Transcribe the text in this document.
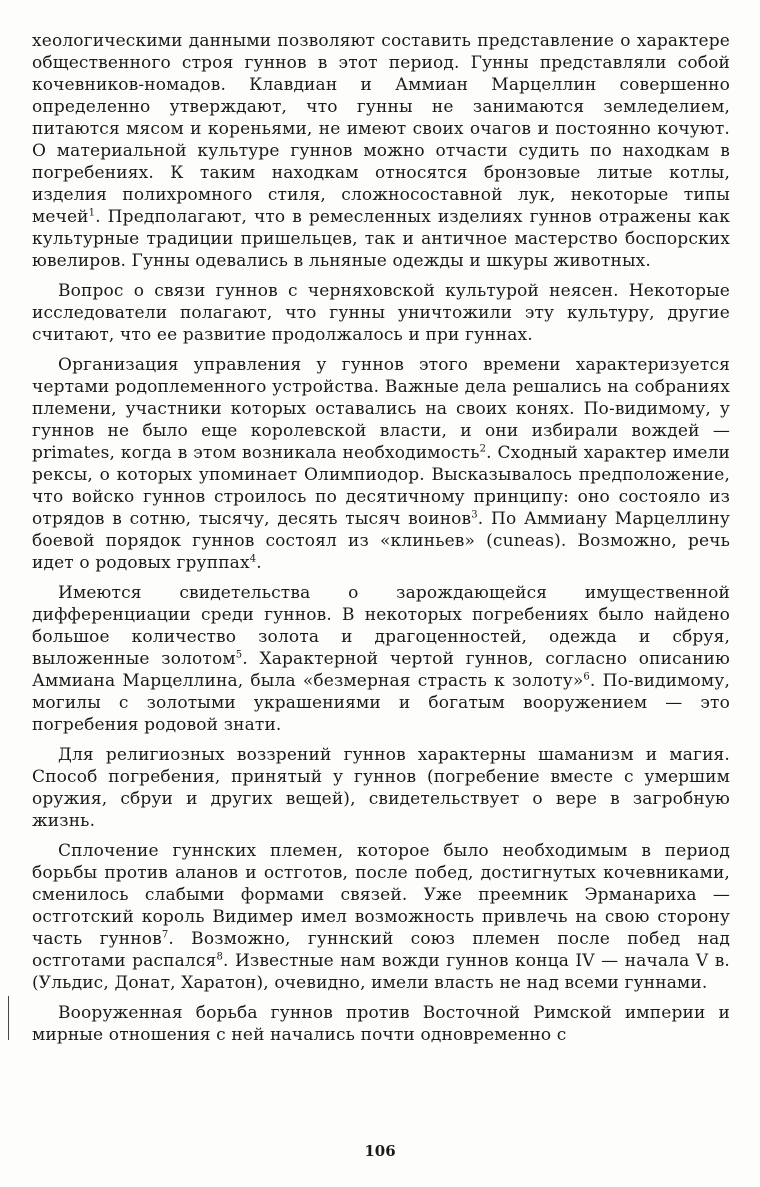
хеологическими данными позволяют составить представление о характере общественного строя гуннов в этот период. Гунны представляли собой кочевников-номадов. Клавдиан и Аммиан Марцеллин совершенно определенно утверждают, что гунны не занимаются земледелием, питаются мясом и кореньями, не имеют своих очагов и постоянно кочуют. О материальной культуре гуннов можно отчасти судить по находкам в погребениях. К таким находкам относятся бронзовые литые котлы, изделия полихромного стиля, сложносоставной лук, некоторые типы мечей$^1$. Предполагают, что в ремесленных изделиях гуннов отражены как культурные традиции пришельцев, так и античное мастерство боспорских ювелиров. Гунны одевались в льняные одежды и шкуры животных.

Вопрос о связи гуннов с черняховской культурой неясен. Некоторые исследователи полагают, что гунны уничтожили эту культуру, другие считают, что ее развитие продолжалось и при гуннах.

Организация управления у гуннов этого времени характеризуется чертами родоплеменного устройства. Важные дела решались на собраниях племени, участники которых оставались на своих конях. По-видимому, у гуннов не было еще королевской власти, и они избирали вождей — primates, когда в этом возникала необходимость$^2$. Сходный характер имели рексы, о которых упоминает Олимпиодор. Высказывалось предположение, что войско гуннов строилось по десятичному принципу: оно состояло из отрядов в сотню, тысячу, десять тысяч воинов$^3$. По Аммиану Марцеллину боевой порядок гуннов состоял из «клиньев» (cuneas). Возможно, речь идет о родовых группах$^4$.

Имеются свидетельства о зарождающейся имущественной дифференциации среди гуннов. В некоторых погребениях было найдено большое количество золота и драгоценностей, одежда и сбруя, выложенные золотом$^5$. Характерной чертой гуннов, согласно описанию Аммиана Марцеллина, была «безмерная страсть к золоту»$^6$. По-видимому, могилы с золотыми украшениями и богатым вооружением — это погребения родовой знати.

Для религиозных воззрений гуннов характерны шаманизм и магия. Способ погребения, принятый у гуннов (погребение вместе с умершим оружия, сбруи и других вещей), свидетельствует о вере в загробную жизнь.

Сплочение гуннских племен, которое было необходимым в период борьбы против аланов и остготов, после побед, достигнутых кочевниками, сменилось слабыми формами связей. Уже преемник Эрманариха — остготский король Видимер имел возможность привлечь на свою сторону часть гуннов$^7$. Возможно, гуннский союз племен после побед над остготами распался$^8$. Известные нам вожди гуннов конца IV — начала V в. (Ульдис, Донат, Харатон), очевидно, имели власть не над всеми гуннами.

Вооруженная борьба гуннов против Восточной Римской империи и мирные отношения с ней начались почти одновременно с

106
